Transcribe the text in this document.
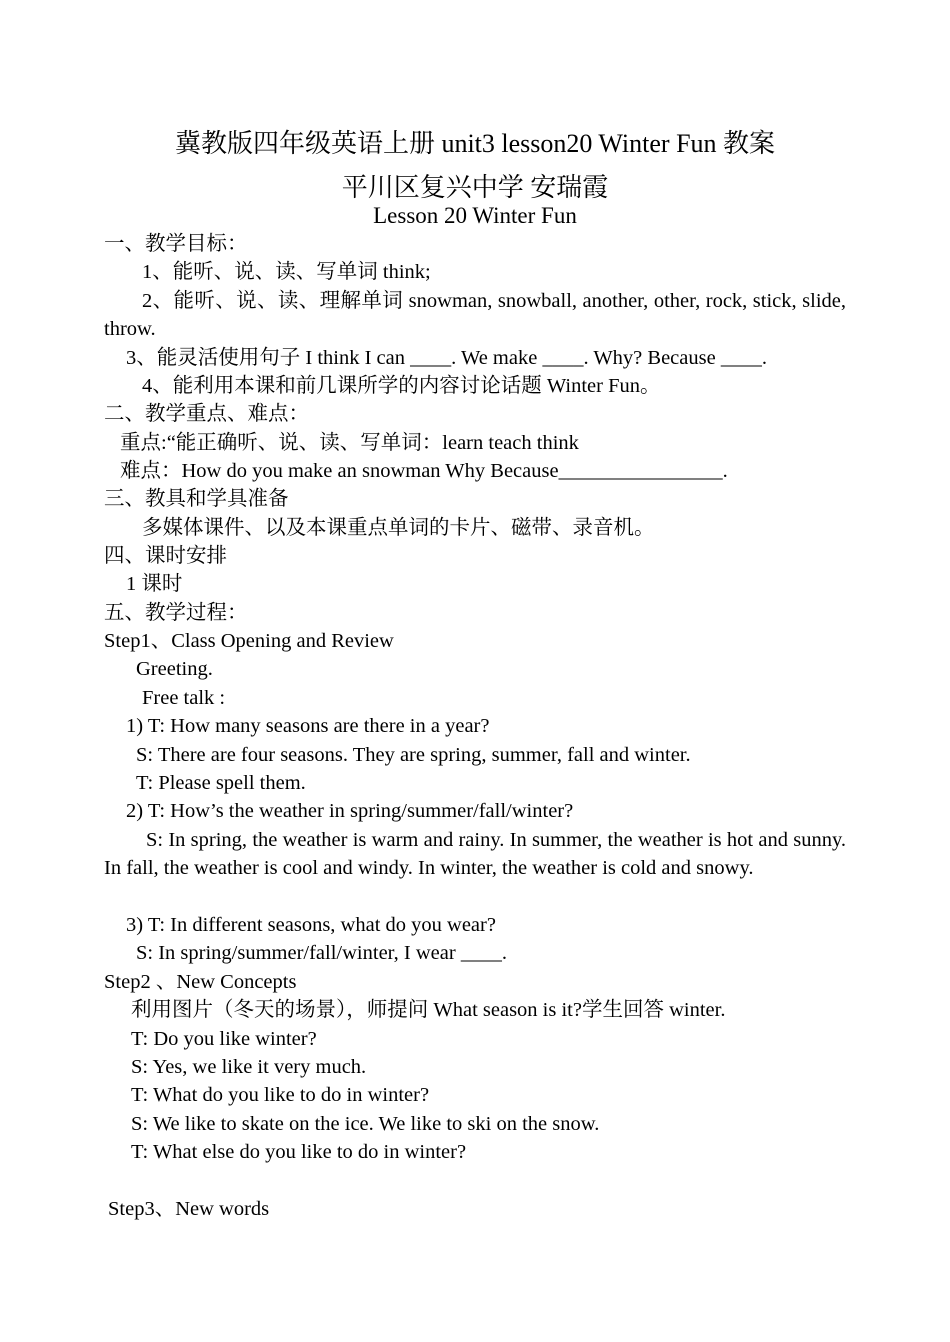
冀教版四年级英语上册 unit3 lesson20 Winter Fun 教案
平川区复兴中学 安瑞霞
Lesson 20 Winter Fun
一、教学目标：
1、能听、说、读、写单词 think;
2、能听、说、读、理解单词 snowman, snowball, another, other, rock, stick, slide, throw.
3、能灵活使用句子 I think I can ____. We make ____. Why? Because ____.
4、能利用本课和前几课所学的内容讨论话题 Winter Fun。
二、教学重点、难点：
重点:“能正确听、说、读、写单词：learn teach think
难点：How do you make an snowman Why Because________________.
三、教具和学具准备
多媒体课件、以及本课重点单词的卡片、磁带、录音机。
四、课时安排
1 课时
五、教学过程：
Step1、Class Opening and Review
Greeting.
Free talk :
1) T: How many seasons are there in a year?
S: There are four seasons. They are spring, summer, fall and winter.
T: Please spell them.
2) T: How’s the weather in spring/summer/fall/winter?
S: In spring, the weather is warm and rainy. In summer, the weather is hot and sunny. In fall, the weather is cool and windy. In winter, the weather is cold and snowy.
3) T: In different seasons, what do you wear?
S: In spring/summer/fall/winter, I wear ____.
Step2 、New Concepts
利用图片（冬天的场景），师提问 What season is it?学生回答 winter.
T: Do you like winter?
S: Yes, we like it very much.
T: What do you like to do in winter?
S: We like to skate on the ice. We like to ski on the snow.
T: What else do you like to do in winter?
Step3、New words
